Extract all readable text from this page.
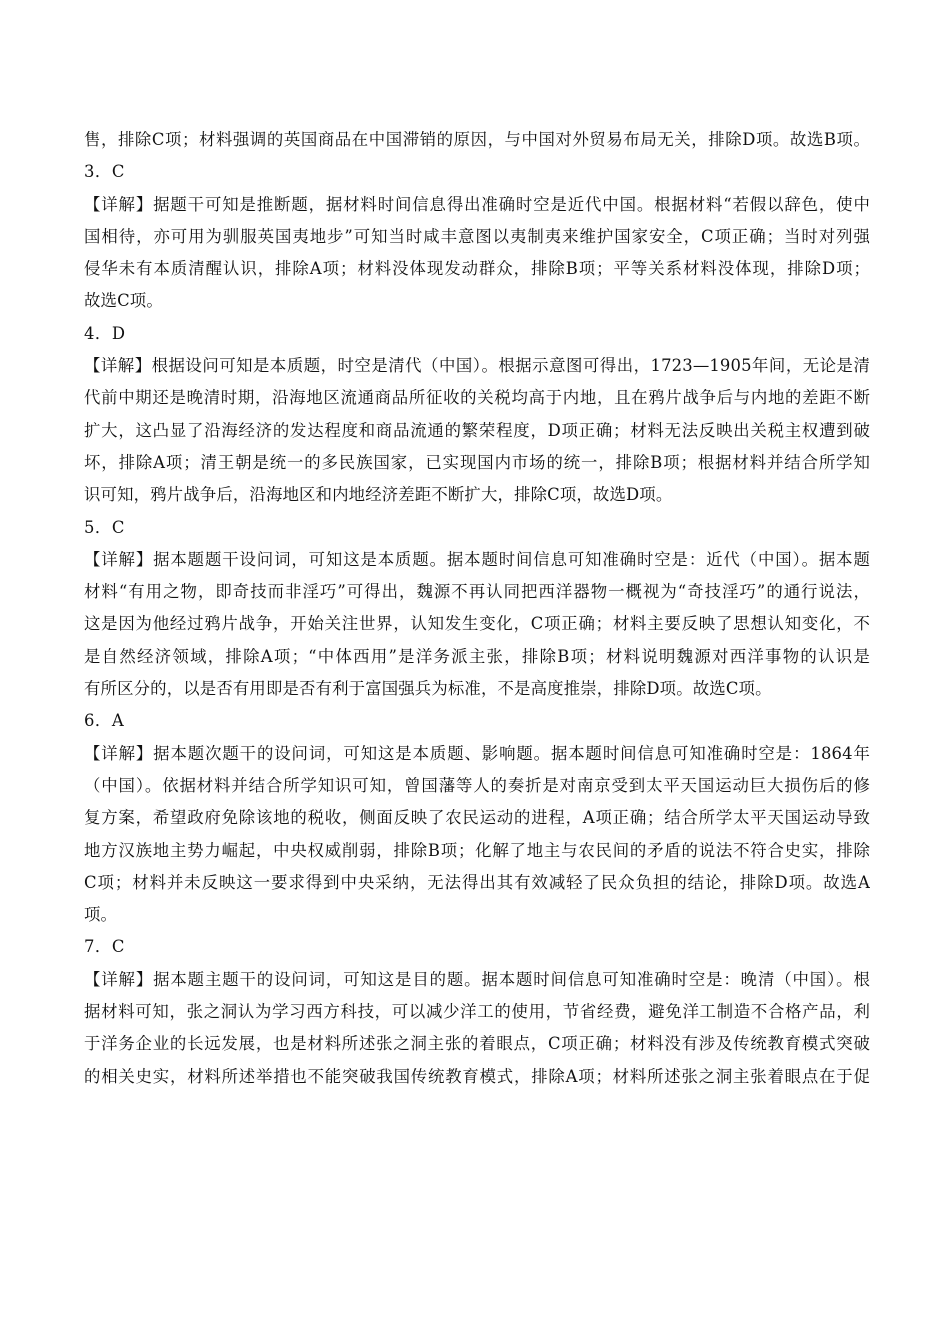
售，排除C项；材料强调的英国商品在中国滞销的原因，与中国对外贸易布局无关，排除D项。故选B项。
3．C
【详解】据题干可知是推断题，据材料时间信息得出准确时空是近代中国。根据材料“若假以辞色，使中
国相待，亦可用为驯服英国夷地步”可知当时咸丰意图以夷制夷来维护国家安全，C项正确；当时对列强
侵华未有本质清醒认识，排除A项；材料没体现发动群众，排除B项；平等关系材料没体现，排除D项；
故选C项。
4．D
【详解】根据设问可知是本质题，时空是清代（中国）。根据示意图可得出，1723—1905年间，无论是清
代前中期还是晚清时期，沿海地区流通商品所征收的关税均高于内地，且在鸦片战争后与内地的差距不断
扩大，这凸显了沿海经济的发达程度和商品流通的繁荣程度，D项正确；材料无法反映出关税主权遭到破
坏，排除A项；清王朝是统一的多民族国家，已实现国内市场的统一，排除B项；根据材料并结合所学知
识可知，鸦片战争后，沿海地区和内地经济差距不断扩大，排除C项，故选D项。
5．C
【详解】据本题题干设问词，可知这是本质题。据本题时间信息可知准确时空是：近代（中国）。据本题
材料“有用之物，即奇技而非淫巧”可得出，魏源不再认同把西洋器物一概视为“奇技淫巧”的通行说法，
这是因为他经过鸦片战争，开始关注世界，认知发生变化，C项正确；材料主要反映了思想认知变化，不
是自然经济领域，排除A项；“中体西用”是洋务派主张，排除B项；材料说明魏源对西洋事物的认识是
有所区分的，以是否有用即是否有利于富国强兵为标准，不是高度推崇，排除D项。故选C项。
6．A
【详解】据本题次题干的设问词，可知这是本质题、影响题。据本题时间信息可知准确时空是：1864年
（中国）。依据材料并结合所学知识可知，曾国藩等人的奏折是对南京受到太平天国运动巨大损伤后的修
复方案，希望政府免除该地的税收，侧面反映了农民运动的进程，A项正确；结合所学太平天国运动导致
地方汉族地主势力崛起，中央权威削弱，排除B项；化解了地主与农民间的矛盾的说法不符合史实，排除
C项；材料并未反映这一要求得到中央采纳，无法得出其有效减轻了民众负担的结论，排除D项。故选A
项。
7．C
【详解】据本题主题干的设问词，可知这是目的题。据本题时间信息可知准确时空是：晚清（中国）。根
据材料可知，张之洞认为学习西方科技，可以减少洋工的使用，节省经费，避免洋工制造不合格产品，利
于洋务企业的长远发展，也是材料所述张之洞主张的着眼点，C项正确；材料没有涉及传统教育模式突破
的相关史实，材料所述举措也不能突破我国传统教育模式，排除A项；材料所述张之洞主张着眼点在于促
